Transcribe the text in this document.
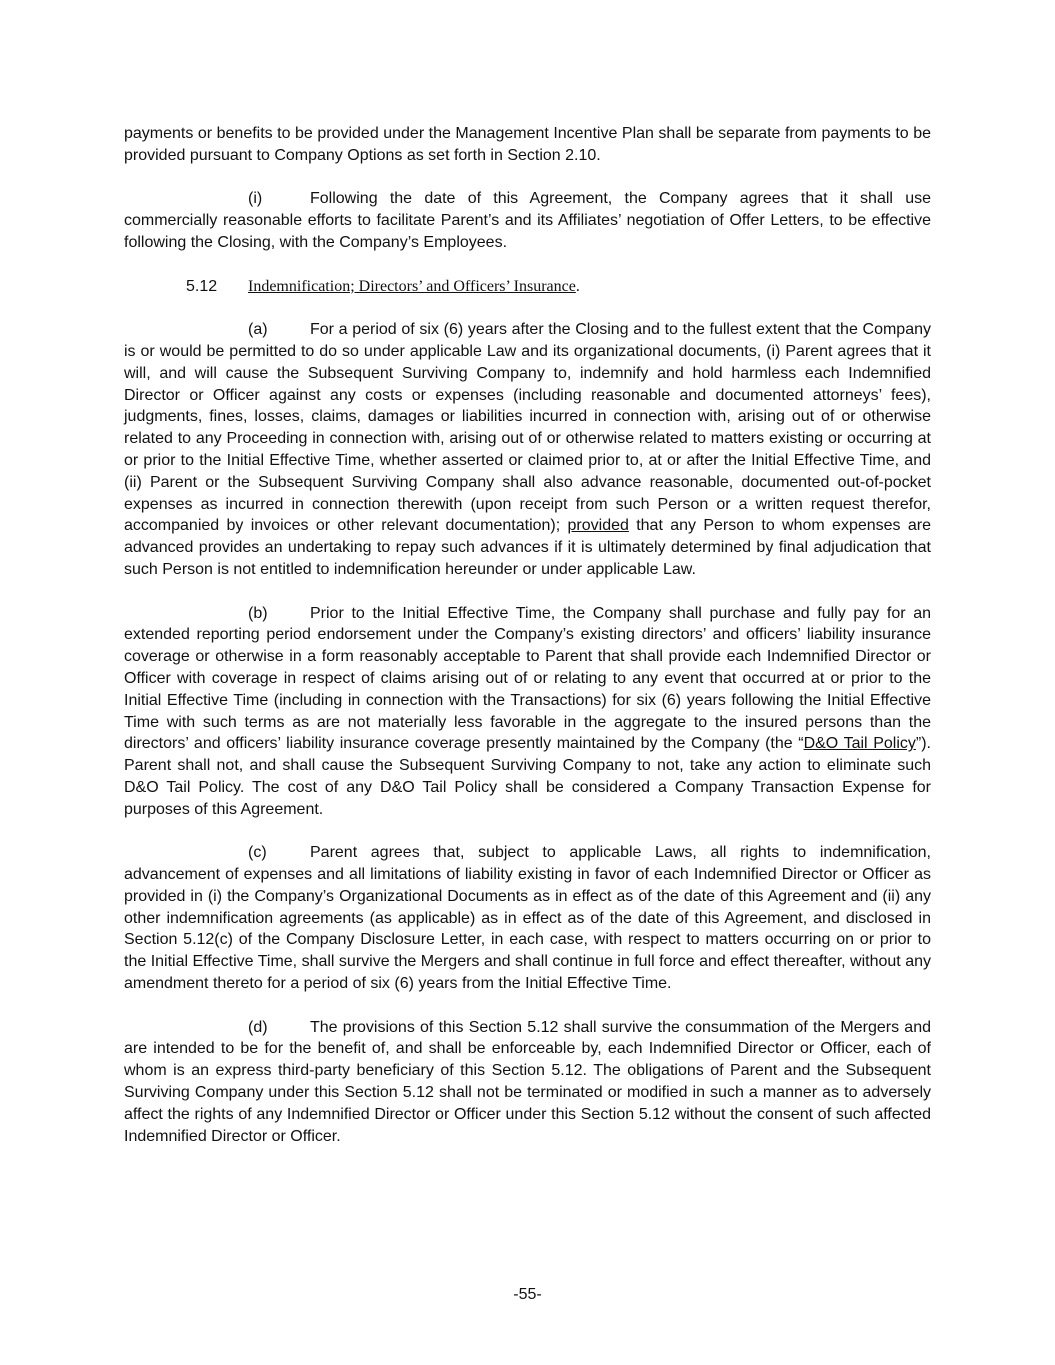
payments or benefits to be provided under the Management Incentive Plan shall be separate from payments to be provided pursuant to Company Options as set forth in Section 2.10.

(i)	Following the date of this Agreement, the Company agrees that it shall use commercially reasonable efforts to facilitate Parent’s and its Affiliates’ negotiation of Offer Letters, to be effective following the Closing, with the Company’s Employees.

5.12 Indemnification; Directors’ and Officers’ Insurance.

(a)	For a period of six (6) years after the Closing and to the fullest extent that the Company is or would be permitted to do so under applicable Law and its organizational documents, (i) Parent agrees that it will, and will cause the Subsequent Surviving Company to, indemnify and hold harmless each Indemnified Director or Officer against any costs or expenses (including reasonable and documented attorneys’ fees), judgments, fines, losses, claims, damages or liabilities incurred in connection with, arising out of or otherwise related to any Proceeding in connection with, arising out of or otherwise related to matters existing or occurring at or prior to the Initial Effective Time, whether asserted or claimed prior to, at or after the Initial Effective Time, and (ii) Parent or the Subsequent Surviving Company shall also advance reasonable, documented out-of-pocket expenses as incurred in connection therewith (upon receipt from such Person or a written request therefor, accompanied by invoices or other relevant documentation); provided that any Person to whom expenses are advanced provides an undertaking to repay such advances if it is ultimately determined by final adjudication that such Person is not entitled to indemnification hereunder or under applicable Law.

(b)	Prior to the Initial Effective Time, the Company shall purchase and fully pay for an extended reporting period endorsement under the Company’s existing directors’ and officers’ liability insurance coverage or otherwise in a form reasonably acceptable to Parent that shall provide each Indemnified Director or Officer with coverage in respect of claims arising out of or relating to any event that occurred at or prior to the Initial Effective Time (including in connection with the Transactions) for six (6) years following the Initial Effective Time with such terms as are not materially less favorable in the aggregate to the insured persons than the directors’ and officers’ liability insurance coverage presently maintained by the Company (the “D&O Tail Policy”). Parent shall not, and shall cause the Subsequent Surviving Company to not, take any action to eliminate such D&O Tail Policy. The cost of any D&O Tail Policy shall be considered a Company Transaction Expense for purposes of this Agreement.

(c)	Parent agrees that, subject to applicable Laws, all rights to indemnification, advancement of expenses and all limitations of liability existing in favor of each Indemnified Director or Officer as provided in (i) the Company’s Organizational Documents as in effect as of the date of this Agreement and (ii) any other indemnification agreements (as applicable) as in effect as of the date of this Agreement, and disclosed in Section 5.12(c) of the Company Disclosure Letter, in each case, with respect to matters occurring on or prior to the Initial Effective Time, shall survive the Mergers and shall continue in full force and effect thereafter, without any amendment thereto for a period of six (6) years from the Initial Effective Time.

(d)	The provisions of this Section 5.12 shall survive the consummation of the Mergers and are intended to be for the benefit of, and shall be enforceable by, each Indemnified Director or Officer, each of whom is an express third-party beneficiary of this Section 5.12. The obligations of Parent and the Subsequent Surviving Company under this Section 5.12 shall not be terminated or modified in such a manner as to adversely affect the rights of any Indemnified Director or Officer under this Section 5.12 without the consent of such affected Indemnified Director or Officer.

-55-
